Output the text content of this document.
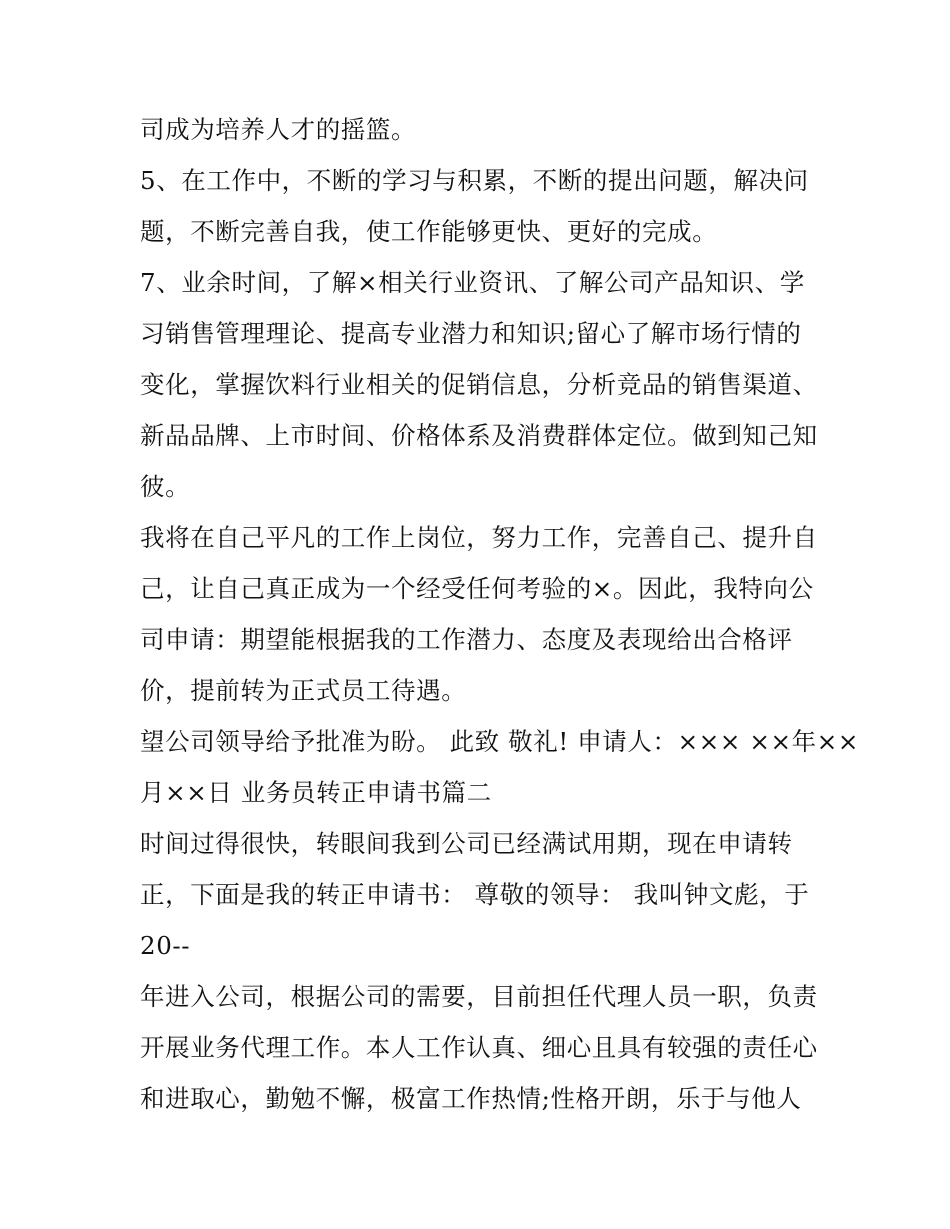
司成为培养人才的摇篮。
5、在工作中，不断的学习与积累，不断的提出问题，解决问
题，不断完善自我，使工作能够更快、更好的完成。
7、业余时间，了解×相关行业资讯、了解公司产品知识、学
习销售管理理论、提高专业潜力和知识;留心了解市场行情的
变化，掌握饮料行业相关的促销信息，分析竞品的销售渠道、
新品品牌、上市时间、价格体系及消费群体定位。做到知己知
彼。
我将在自己平凡的工作上岗位，努力工作，完善自己、提升自
己，让自己真正成为一个经受任何考验的×。因此，我特向公
司申请：期望能根据我的工作潜力、态度及表现给出合格评
价，提前转为正式员工待遇。
望公司领导给予批准为盼。 此致 敬礼! 申请人：××× ××年××
月××日 业务员转正申请书篇二
时间过得很快，转眼间我到公司已经满试用期，现在申请转
正，下面是我的转正申请书： 尊敬的领导： 我叫钟文彪，于
20--
年进入公司，根据公司的需要，目前担任代理人员一职，负责
开展业务代理工作。本人工作认真、细心且具有较强的责任心
和进取心，勤勉不懈，极富工作热情;性格开朗，乐于与他人
